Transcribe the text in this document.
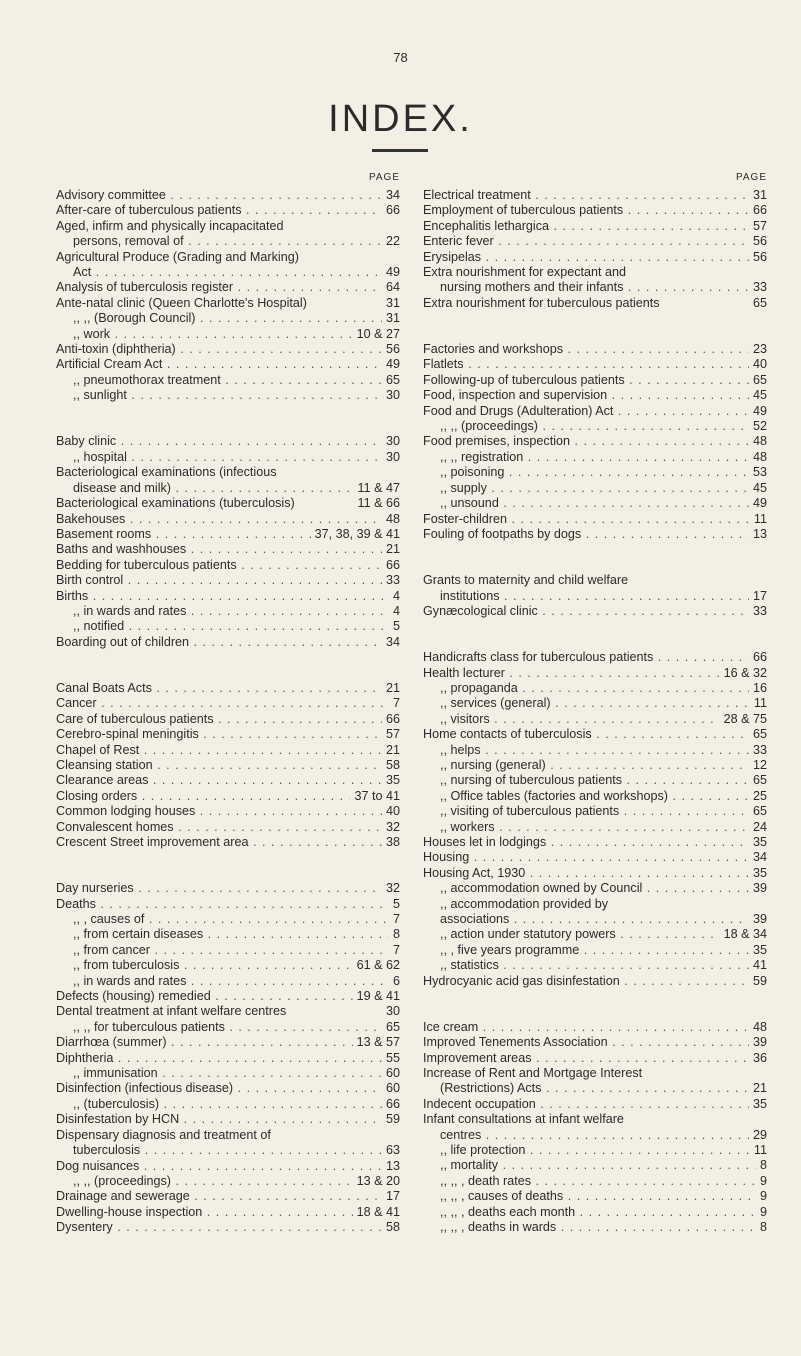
78
INDEX.
PAGE
Advisory committee . . .	34
After-care of tuberculous patients . . .	66
Aged, infirm and physically incapacitated
persons, removal of . . .	22
Agricultural Produce (Grading and Marking)
Act . . .	49
Analysis of tuberculosis register . . .	64
Ante-natal clinic (Queen Charlotte's Hospital)	31
,, ,, (Borough Council) . . .	31
,, work . . .	10 & 27
Anti-toxin (diphtheria) . . .	56
Artificial Cream Act . . .	49
,, pneumothorax treatment . . .	65
,, sunlight . . .	30
Baby clinic . . .	30
,, hospital . . .	30
Bacteriological examinations (infectious
disease and milk) . . .	11 & 47
Bacteriological examinations (tuberculosis)	11 & 66
Bakehouses . . .	48
Basement rooms . . .	37, 38, 39 & 41
Baths and washhouses . . .	21
Bedding for tuberculous patients . . .	66
Birth control . . .	33
Births . . .	4
,, in wards and rates . . .	4
,, notified . . .	5
Boarding out of children . . .	34
Canal Boats Acts . . .	21
Cancer . . .	7
Care of tuberculous patients . . .	66
Cerebro-spinal meningitis . . .	57
Chapel of Rest . . .	21
Cleansing station . . .	58
Clearance areas . . .	35
Closing orders . . .	37 to 41
Common lodging houses . . .	40
Convalescent homes . . .	32
Crescent Street improvement area . . .	38
Day nurseries . . .	32
Deaths . . .	5
,, , causes of . . .	7
,, from certain diseases . . .	8
,, from cancer . . .	7
,, from tuberculosis . . .	61 & 62
,, in wards and rates . . .	6
Defects (housing) remedied . . .	19 & 41
Dental treatment at infant welfare centres	30
,, ,, for tuberculous patients . . .	65
Diarrhœa (summer) . . .	13 & 57
Diphtheria . . .	55
,, immunisation . . .	60
Disinfection (infectious disease) . . .	60
,, (tuberculosis) . . .	66
Disinfestation by HCN . . .	59
Dispensary diagnosis and treatment of
tuberculosis . . .	63
Dog nuisances . . .	13
,, ,, (proceedings) . . .	13 & 20
Drainage and sewerage . . .	17
Dwelling-house inspection . . .	18 & 41
Dysentery . . .	58
PAGE
Electrical treatment . . .	31
Employment of tuberculous patients . . .	66
Encephalitis lethargica . . .	57
Enteric fever . . .	56
Erysipelas . . .	56
Extra nourishment for expectant and
nursing mothers and their infants . . .	33
Extra nourishment for tuberculous patients	65
Factories and workshops . . .	23
Flatlets . . .	40
Following-up of tuberculous patients . . .	65
Food, inspection and supervision . . .	45
Food and Drugs (Adulteration) Act . . .	49
,, ,, (proceedings) . . .	52
Food premises, inspection . . .	48
,, ,, registration . . .	48
,, poisoning . . .	53
,, supply . . .	45
,, unsound . . .	49
Foster-children . . .	11
Fouling of footpaths by dogs . . .	13
Grants to maternity and child welfare
institutions . . .	17
Gynæcological clinic . . .	33
Handicrafts class for tuberculous patients . . .	66
Health lecturer . . .	16 & 32
,, propaganda . . .	16
,, services (general) . . .	11
,, visitors . . .	28 & 75
Home contacts of tuberculosis . . .	65
,, helps . . .	33
,, nursing (general) . . .	12
,, nursing of tuberculous patients . . .	65
,, Office tables (factories and workshops) . . .	25
,, visiting of tuberculous patients . . .	65
,, workers . . .	24
Houses let in lodgings . . .	35
Housing . . .	34
Housing Act, 1930 . . .	35
,, accommodation owned by Council . . .	39
,, accommodation provided by
associations . . .	39
,, action under statutory powers . . .	18 & 34
,, , five years programme . . .	35
,, statistics . . .	41
Hydrocyanic acid gas disinfestation . . .	59
Ice cream . . .	48
Improved Tenements Association . . .	39
Improvement areas . . .	36
Increase of Rent and Mortgage Interest
(Restrictions) Acts . . .	21
Indecent occupation . . .	35
Infant consultations at infant welfare
centres . . .	29
,, life protection . . .	11
,, mortality . . .	8
,, ,, , death rates . . .	9
,, ,, , causes of deaths . . .	9
,, ,, , deaths each month . . .	9
,, ,, , deaths in wards . . .	8
